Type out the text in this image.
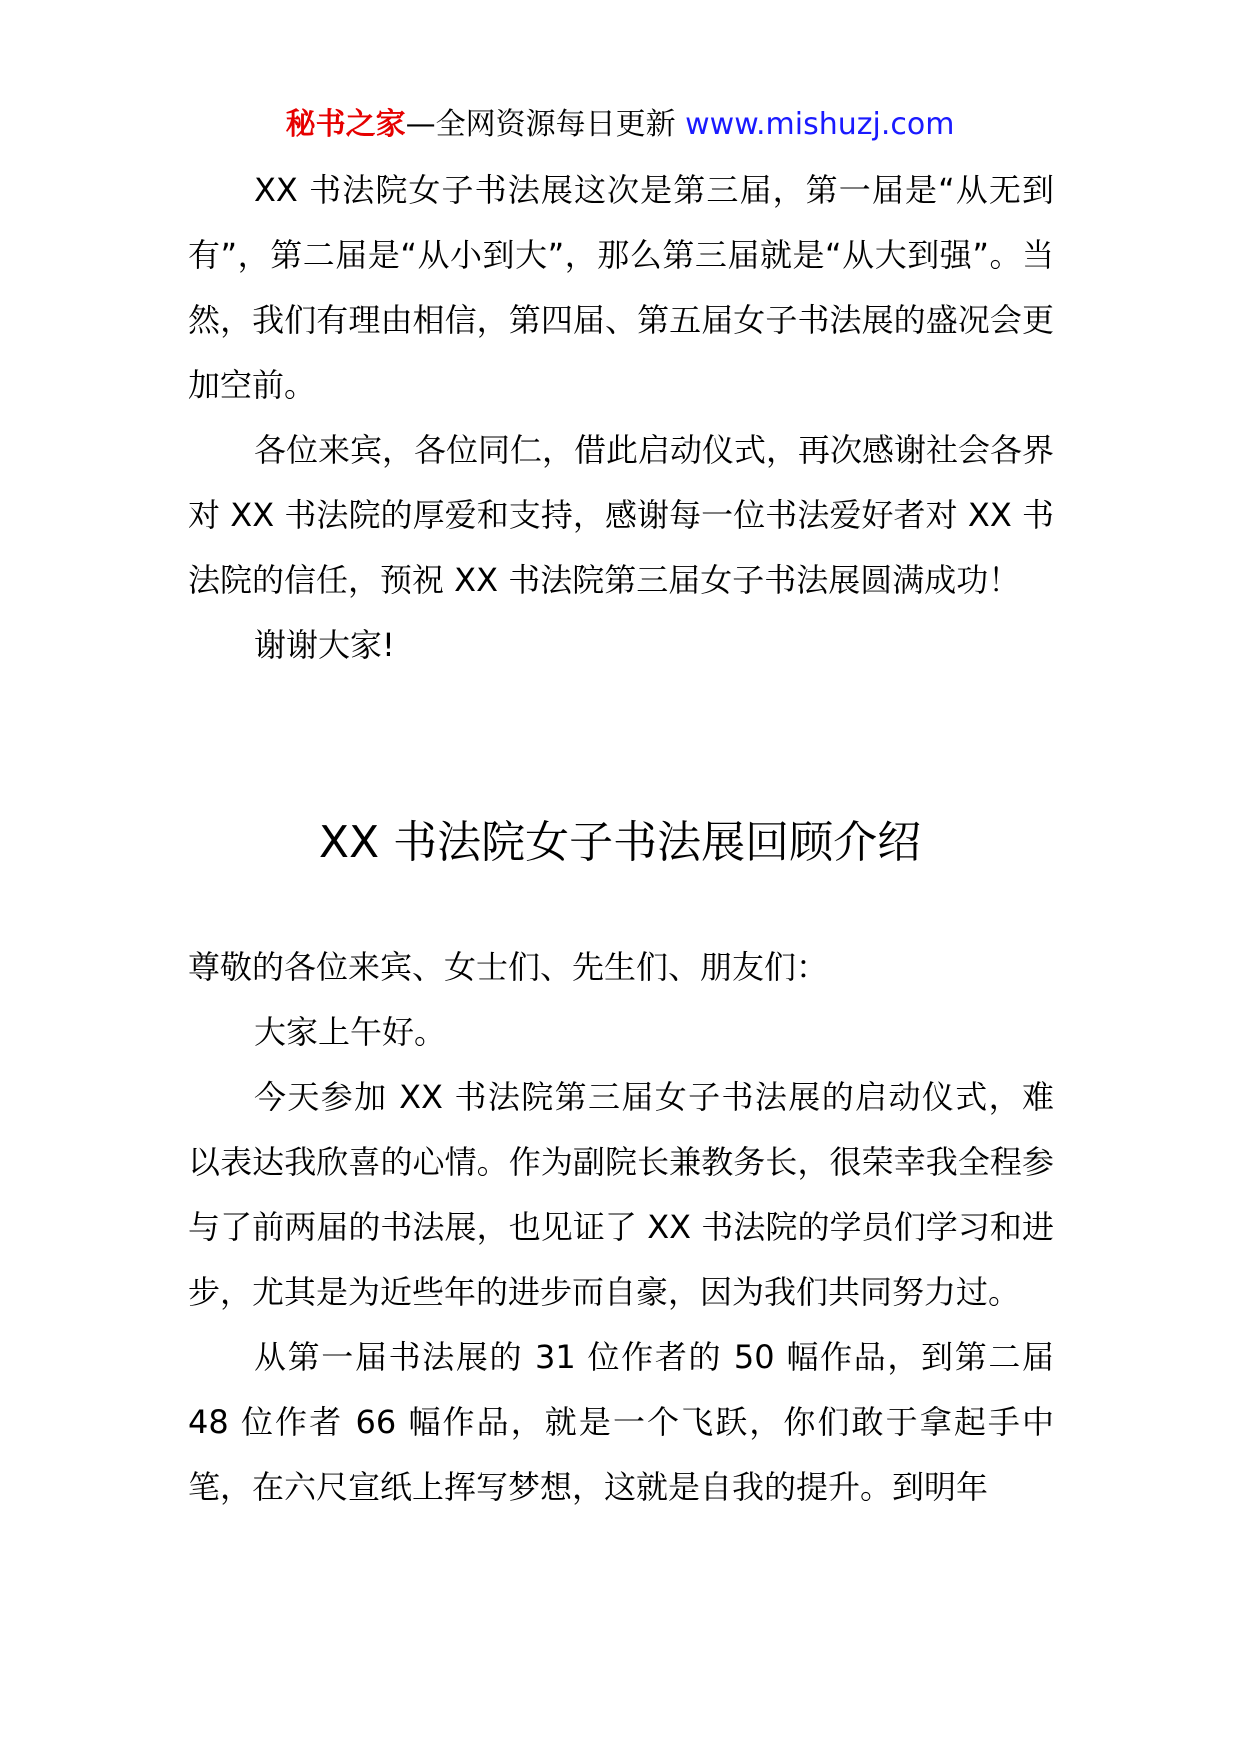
秘书之家—全网资源每日更新 www.mishuzj.com

XX 书法院女子书法展这次是第三届，第一届是“从无到有”，第二届是“从小到大”，那么第三届就是“从大到强”。当然，我们有理由相信，第四届、第五届女子书法展的盛况会更加空前。

各位来宾，各位同仁，借此启动仪式，再次感谢社会各界对 XX 书法院的厚爱和支持，感谢每一位书法爱好者对 XX 书法院的信任，预祝 XX 书法院第三届女子书法展圆满成功！

谢谢大家!

XX 书法院女子书法展回顾介绍

尊敬的各位来宾、女士们、先生们、朋友们：

大家上午好。

今天参加 XX 书法院第三届女子书法展的启动仪式，难以表达我欣喜的心情。作为副院长兼教务长，很荣幸我全程参与了前两届的书法展，也见证了 XX 书法院的学员们学习和进步，尤其是为近些年的进步而自豪，因为我们共同努力过。

从第一届书法展的 31 位作者的 50 幅作品，到第二届 48 位作者 66 幅作品，就是一个飞跃，你们敢于拿起手中笔，在六尺宣纸上挥写梦想，这就是自我的提升。到明年
